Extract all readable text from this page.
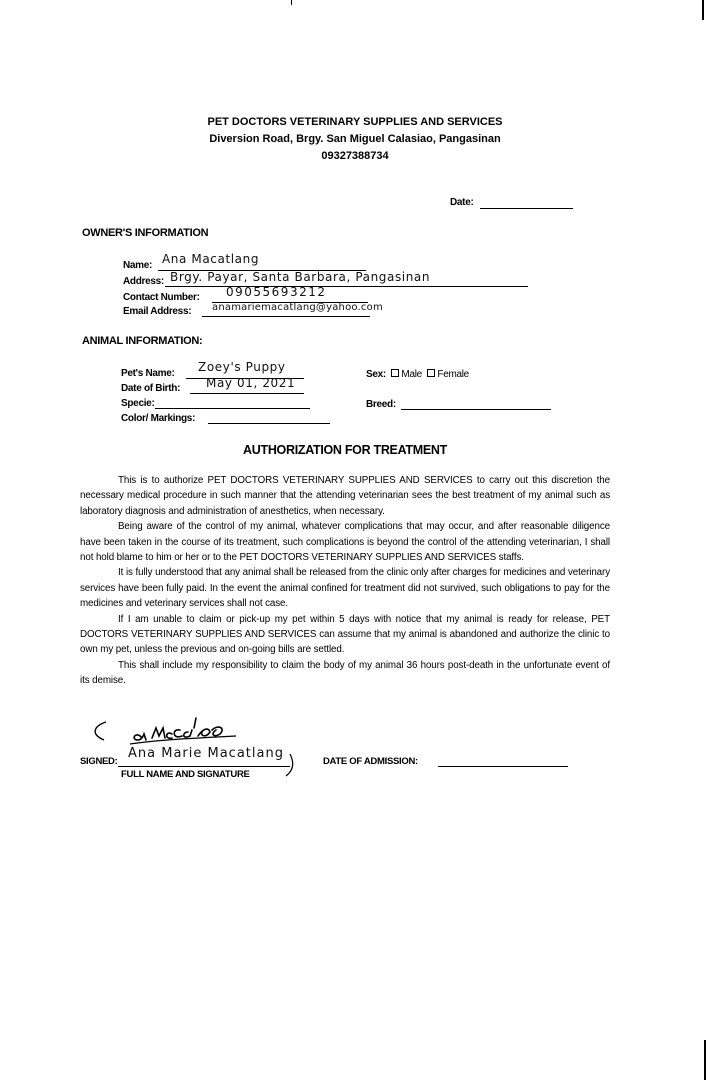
PET DOCTORS VETERINARY SUPPLIES AND SERVICES
Diversion Road, Brgy. San Miguel Calasiao, Pangasinan
09327388734
Date:
OWNER'S INFORMATION
Name: Ana Macatlang
Address: Brgy. Payar, Santa Barbara, Pangasinan
Contact Number: 09055693212
Email Address: anamariemacatlang@yahoo.com
ANIMAL INFORMATION:
Pet's Name: Zoey's Puppy
Date of Birth: May 01, 2021
Specie:
Color/ Markings:
Sex: Male Female
Breed:
AUTHORIZATION FOR TREATMENT
This is to authorize PET DOCTORS VETERINARY SUPPLIES AND SERVICES to carry out this discretion the necessary medical procedure in such manner that the attending veterinarian sees the best treatment of my animal such as laboratory diagnosis and administration of anesthetics, when necessary.
Being aware of the control of my animal, whatever complications that may occur, and after reasonable diligence have been taken in the course of its treatment, such complications is beyond the control of the attending veterinarian, I shall not hold blame to him or her or to the PET DOCTORS VETERINARY SUPPLIES AND SERVICES staffs.
It is fully understood that any animal shall be released from the clinic only after charges for medicines and veterinary services have been fully paid. In the event the animal confined for treatment did not survived, such obligations to pay for the medicines and veterinary services shall not case.
If I am unable to claim or pick-up my pet within 5 days with notice that my animal is ready for release, PET DOCTORS VETERINARY SUPPLIES AND SERVICES can assume that my animal is abandoned and authorize the clinic to own my pet, unless the previous and on-going bills are settled.
This shall include my responsibility to claim the body of my animal 36 hours post-death in the unfortunate event of its demise.
SIGNED:
Ana Marie Macatlang
FULL NAME AND SIGNATURE
DATE OF ADMISSION:
